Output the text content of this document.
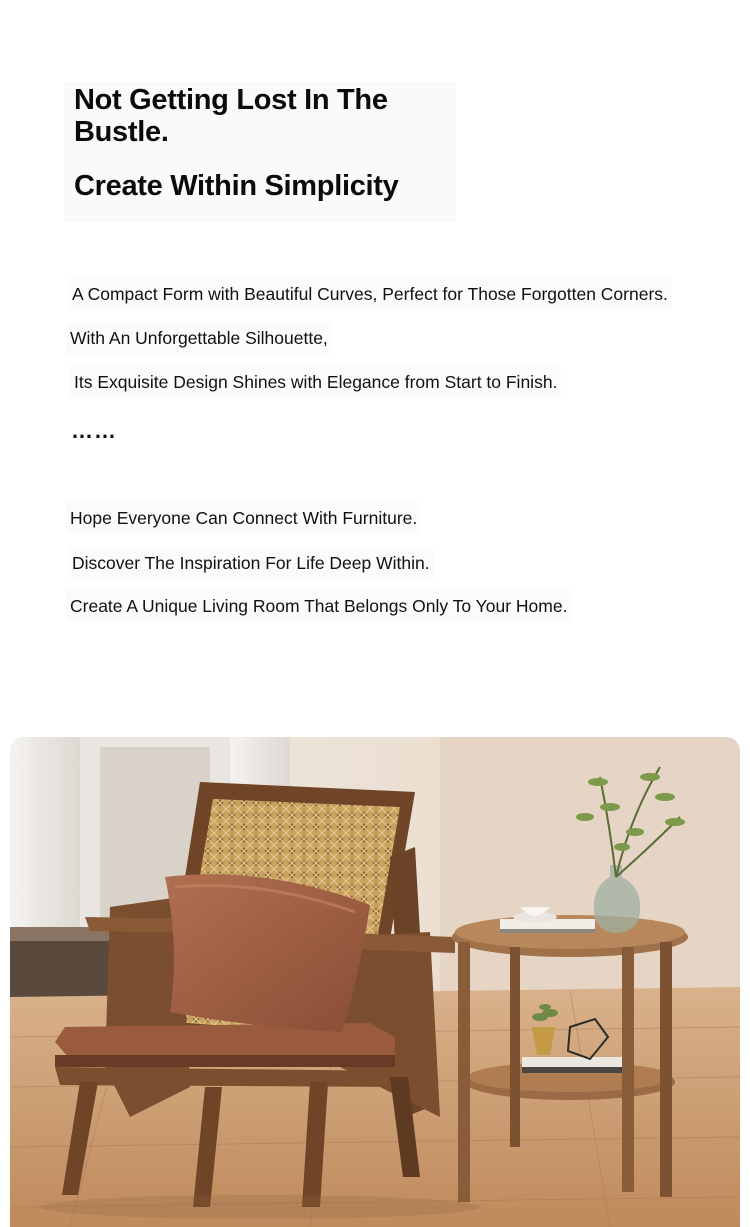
Not Getting Lost In The Bustle.
Create Within Simplicity

A Compact Form with Beautiful Curves, Perfect for Those Forgotten Corners.

With An Unforgettable Silhouette,

Its Exquisite Design Shines with Elegance from Start to Finish.

……

Hope Everyone Can Connect With Furniture.

Discover The Inspiration For Life Deep Within.

Create A Unique Living Room That Belongs Only To Your Home.
